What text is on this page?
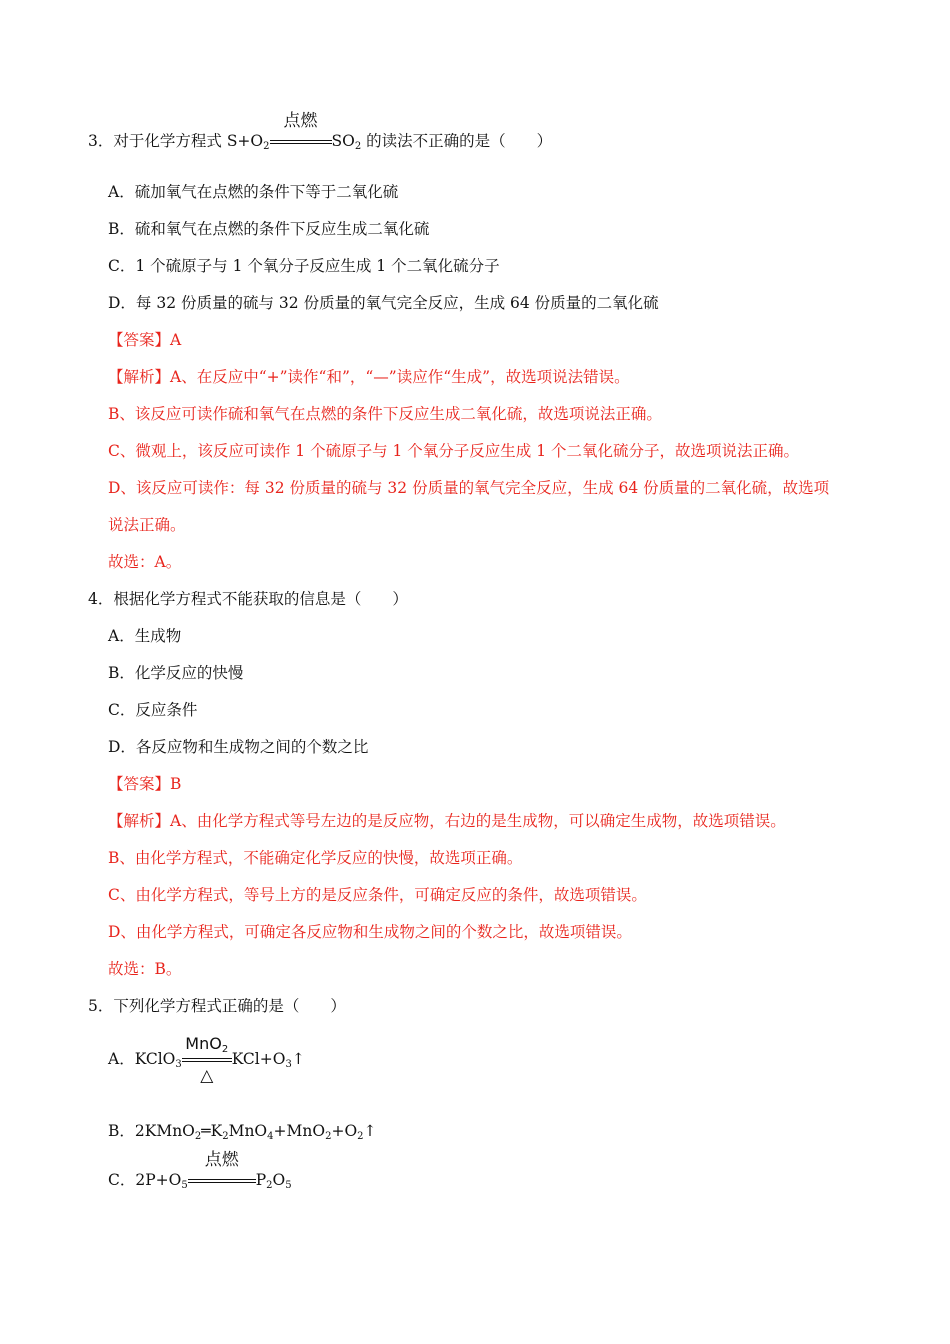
3．对于化学方程式 $S+O_2$
点燃
$SO_2$ 的读法不正确的是（　　）
A．硫加氧气在点燃的条件下等于二氧化硫
B．硫和氧气在点燃的条件下反应生成二氧化硫
C．1 个硫原子与 1 个氧分子反应生成 1 个二氧化硫分子
D．每 32 份质量的硫与 32 份质量的氧气完全反应，生成 64 份质量的二氧化硫
【答案】A
【解析】A、在反应中“+”读作“和”，“—”读应作“生成”，故选项说法错误。
B、该反应可读作硫和氧气在点燃的条件下反应生成二氧化硫，故选项说法正确。
C、微观上，该反应可读作 1 个硫原子与 1 个氧分子反应生成 1 个二氧化硫分子，故选项说法正确。
D、该反应可读作：每 32 份质量的硫与 32 份质量的氧气完全反应，生成 64 份质量的二氧化硫，故选项
说法正确。
故选：A。
4．根据化学方程式不能获取的信息是（　　）
A．生成物
B．化学反应的快慢
C．反应条件
D．各反应物和生成物之间的个数之比
【答案】B
【解析】A、由化学方程式等号左边的是反应物，右边的是生成物，可以确定生成物，故选项错误。
B、由化学方程式，不能确定化学反应的快慢，故选项正确。
C、由化学方程式，等号上方的是反应条件，可确定反应的条件，故选项错误。
D、由化学方程式，可确定各反应物和生成物之间的个数之比，故选项错误。
故选：B。
5．下列化学方程式正确的是（　　）
A．KClO$_3$
MnO$_2$
△
$KCl+O_3↑$
B．$2KMnO_2═K_2MnO_4+MnO_2+O_2↑$
C．$2P+O_5$
点燃
$P_2O_5$
